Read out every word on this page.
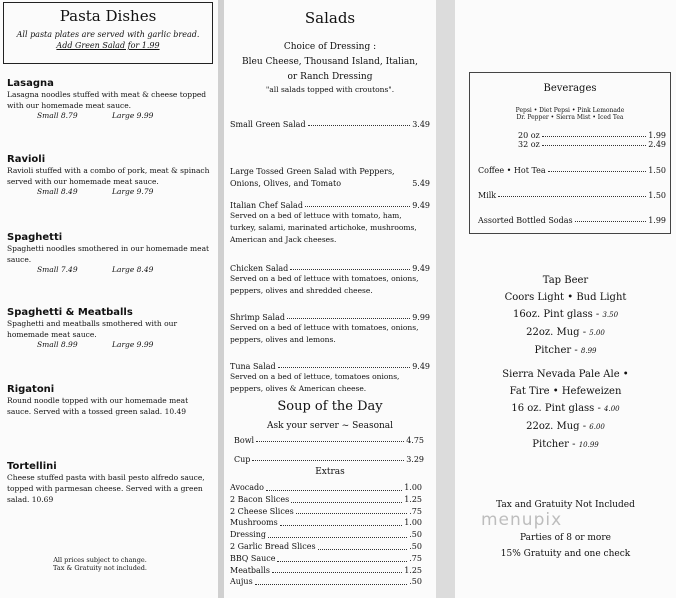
Pasta Dishes
All pasta plates are served with garlic bread.
Add Green Salad for 1.99
Lasagna
Lasagna noodles stuffed with meat & cheese topped with our homemade meat sauce.
Small 8.79	Large 9.99
Ravioli
Ravioli stuffed with a combo of pork, meat & spinach served with our homemade meat sauce.
Small 8.49	Large 9.79
Spaghetti
Spaghetti noodles smothered in our homemade meat sauce.
Small 7.49	Large 8.49
Spaghetti & Meatballs
Spaghetti and meatballs smothered with our homemade meat sauce.
Small 8.99	Large 9.99
Rigatoni
Round noodle topped with our homemade meat sauce. Served with a tossed green salad. 10.49
Tortellini
Cheese stuffed pasta with basil pesto alfredo sauce, topped with parmesan cheese. Served with a green salad. 10.69
All prices subject to change.
Tax & Gratuity not included.
Salads
Choice of Dressing :
Bleu Cheese, Thousand Island, Italian,
or Ranch Dressing
"all salads topped with croutons".
Small Green Salad	3.49
Large Tossed Green Salad with Peppers, Onions, Olives, and Tomato	5.49
Italian Chef Salad	9.49
Served on a bed of lettuce with tomato, ham, turkey, salami, marinated artichoke, mushrooms, American and Jack cheeses.
Chicken Salad	9.49
Served on a bed of lettuce with tomatoes, onions, peppers, olives and shredded cheese.
Shrimp Salad	9.99
Served on a bed of lettuce with tomatoes, onions, peppers, olives and lemons.
Tuna Salad	9.49
Served on a bed of lettuce, tomatoes onions, peppers, olives & American cheese.
Soup of the Day
Ask your server ~ Seasonal
Bowl	4.75
Cup	3.29
Extras
Avocado	1.00
2 Bacon Slices	1.25
2 Cheese Slices	.75
Mushrooms	1.00
Dressing	.50
2 Garlic Bread Slices	.50
BBQ Sauce	.75
Meatballs	1.25
Aujus	.50
Beverages
Pepsi • Diet Pepsi • Pink Lemonade
Dr. Pepper • Sierra Mist • Iced Tea
20 oz	1.99
32 oz	2.49
Coffee • Hot Tea	1.50
Milk	1.50
Assorted Bottled Sodas	1.99
Tap Beer
Coors Light • Bud Light
16oz. Pint glass - 3.50
22oz. Mug - 5.00
Pitcher - 8.99
Sierra Nevada Pale Ale •
Fat Tire • Hefeweizen
16 oz. Pint glass - 4.00
22oz. Mug - 6.00
Pitcher - 10.99
Tax and Gratuity Not Included
menupix
Parties of 8 or more
15% Gratuity and one check
